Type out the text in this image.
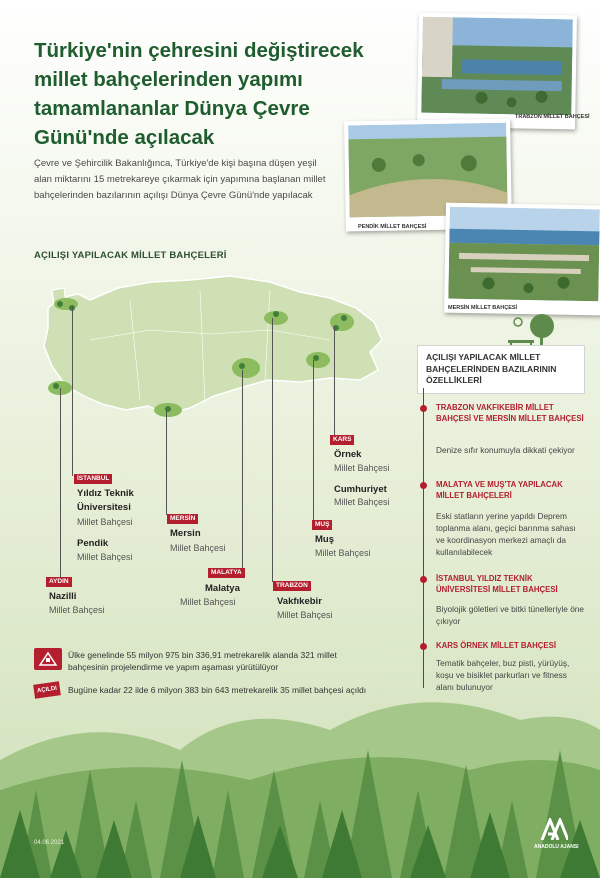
Türkiye'nin çehresini değiştirecek millet bahçelerinden yapımı tamamlananlar Dünya Çevre Günü'nde açılacak
Çevre ve Şehircilik Bakanlığınca, Türkiye'de kişi başına düşen yeşil alan miktarını 15 metrekareye çıkarmak için yapımına başlanan millet bahçelerinden bazılarının açılışı Dünya Çevre Günü'nde yapılacak
TRABZON MİLLET BAHÇESİ
PENDİK MİLLET BAHÇESİ
MERSİN MİLLET BAHÇESİ
AÇILIŞI YAPILACAK MİLLET BAHÇELERİ
İSTANBUL
Yıldız Teknik
Üniversitesi
Millet Bahçesi
Pendik
Millet Bahçesi
AYDIN
Nazilli
Millet Bahçesi
MERSİN
Mersin
Millet Bahçesi
MALATYA
Malatya
Millet Bahçesi
TRABZON
Vakfıkebir
Millet Bahçesi
MUŞ
Muş
Millet Bahçesi
KARS
Örnek
Millet Bahçesi
Cumhuriyet
Millet Bahçesi
AÇILIŞI YAPILACAK MİLLET BAHÇELERİNDEN BAZILARININ ÖZELLİKLERİ
TRABZON VAKFIKEBİR MİLLET BAHÇESİ VE MERSİN MİLLET BAHÇESİ
Denize sıfır konumuyla dikkati çekiyor
MALATYA VE MUŞ'TA YAPILACAK MİLLET BAHÇELERİ
Eski statların yerine yapıldı Deprem toplanma alanı, geçici barınma sahası ve koordinasyon merkezi amaçlı da kullanılabilecek
İSTANBUL YILDIZ TEKNİK ÜNİVERSİTESİ MİLLET BAHÇESİ
Biyolojik göletleri ve bitki tünelleriyle öne çıkıyor
KARS ÖRNEK MİLLET BAHÇESİ
Tematik bahçeler, buz pisti, yürüyüş, koşu ve bisiklet parkurları ve fitness alanı bulunuyor
Ülke genelinde 55 milyon 975 bin 336,91 metrekarelik alanda 321 millet bahçesinin projelendirme ve yapım aşaması yürütülüyor
AÇILDI	Bugüne kadar 22 ilde 6 milyon 383 bin 643 metrekarelik 35 millet bahçesi açıldı
04.06.2021
ANADOLU AJANSI
